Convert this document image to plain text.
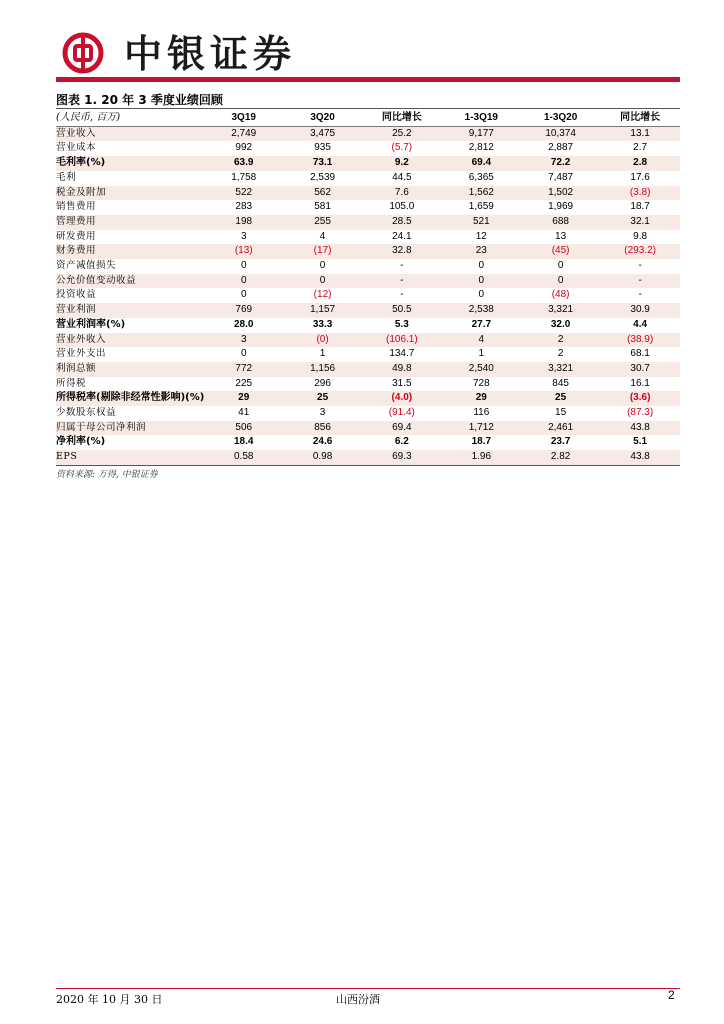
中银证券
图表 1. 20 年 3 季度业绩回顾
(人民币, 百万)	3Q19	3Q20	同比增长	1-3Q19	1-3Q20	同比增长
营业收入	2,749	3,475	25.2	9,177	10,374	13.1
营业成本	992	935	(5.7)	2,812	2,887	2.7
毛利率(%)	63.9	73.1	9.2	69.4	72.2	2.8
毛利	1,758	2,539	44.5	6,365	7,487	17.6
税金及附加	522	562	7.6	1,562	1,502	(3.8)
销售费用	283	581	105.0	1,659	1,969	18.7
管理费用	198	255	28.5	521	688	32.1
研发费用	3	4	24.1	12	13	9.8
财务费用	(13)	(17)	32.8	23	(45)	(293.2)
资产减值损失	0	0	-	0	0	-
公允价值变动收益	0	0	-	0	0	-
投资收益	0	(12)	-	0	(48)	-
营业利润	769	1,157	50.5	2,538	3,321	30.9
营业利润率(%)	28.0	33.3	5.3	27.7	32.0	4.4
营业外收入	3	(0)	(106.1)	4	2	(38.9)
营业外支出	0	1	134.7	1	2	68.1
利润总额	772	1,156	49.8	2,540	3,321	30.7
所得税	225	296	31.5	728	845	16.1
所得税率(剔除非经常性影响)(%)	29	25	(4.0)	29	25	(3.6)
少数股东权益	41	3	(91.4)	116	15	(87.3)
归属于母公司净利润	506	856	69.4	1,712	2,461	43.8
净利率(%)	18.4	24.6	6.2	18.7	23.7	5.1
EPS	0.58	0.98	69.3	1.96	2.82	43.8
资料来源: 万得, 中银证券
2020 年 10 月 30 日	山西汾酒	2
